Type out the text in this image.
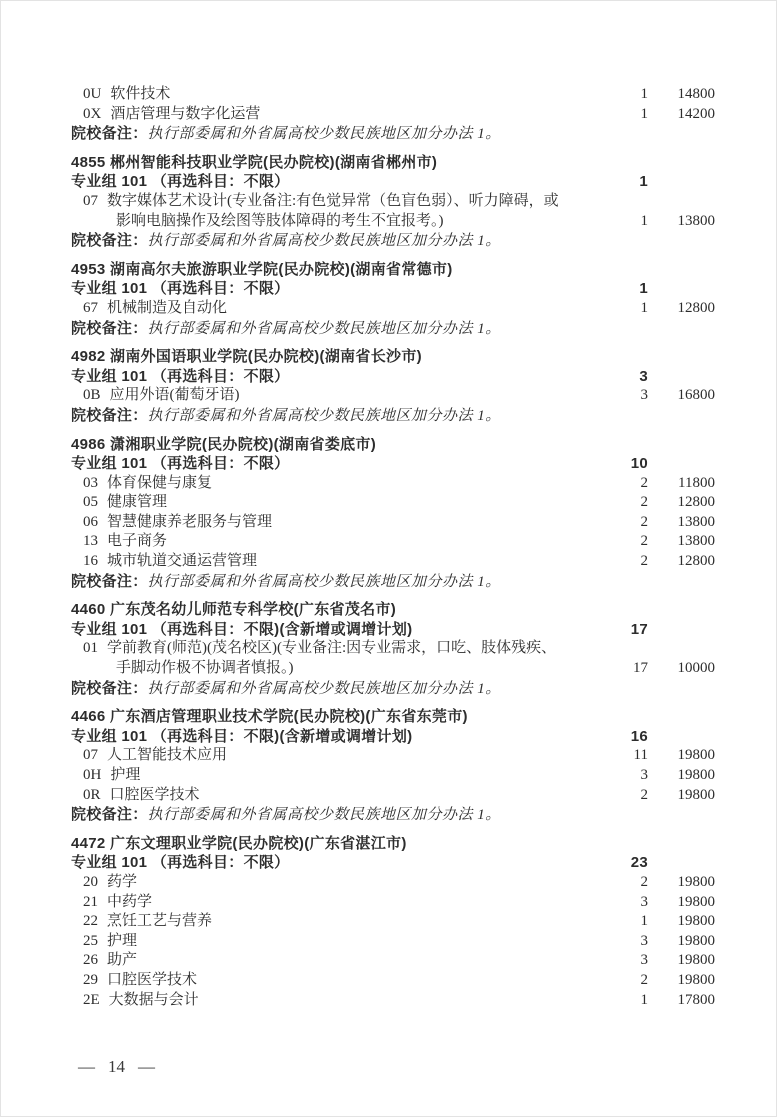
0U 软件技术	1	14800
0X 酒店管理与数字化运营	1	14200
院校备注：执行部委属和外省属高校少数民族地区加分办法 1。
4855 郴州智能科技职业学院(民办院校)(湖南省郴州市)
专业组 101 （再选科目：不限）	1
07 数字媒体艺术设计(专业备注:有色觉异常（色盲色弱）、听力障碍，或
影响电脑操作及绘图等肢体障碍的考生不宜报考。)	1	13800
院校备注：执行部委属和外省属高校少数民族地区加分办法 1。
4953 湖南高尔夫旅游职业学院(民办院校)(湖南省常德市)
专业组 101 （再选科目：不限）	1
67 机械制造及自动化	1	12800
院校备注：执行部委属和外省属高校少数民族地区加分办法 1。
4982 湖南外国语职业学院(民办院校)(湖南省长沙市)
专业组 101 （再选科目：不限）	3
0B 应用外语(葡萄牙语)	3	16800
院校备注：执行部委属和外省属高校少数民族地区加分办法 1。
4986 潇湘职业学院(民办院校)(湖南省娄底市)
专业组 101 （再选科目：不限）	10
03 体育保健与康复	2	11800
05 健康管理	2	12800
06 智慧健康养老服务与管理	2	13800
13 电子商务	2	13800
16 城市轨道交通运营管理	2	12800
院校备注：执行部委属和外省属高校少数民族地区加分办法 1。
4460 广东茂名幼儿师范专科学校(广东省茂名市)
专业组 101 （再选科目：不限)(含新增或调增计划)	17
01 学前教育(师范)(茂名校区)(专业备注:因专业需求，口吃、肢体残疾、
手脚动作极不协调者慎报。)	17	10000
院校备注：执行部委属和外省属高校少数民族地区加分办法 1。
4466 广东酒店管理职业技术学院(民办院校)(广东省东莞市)
专业组 101 （再选科目：不限)(含新增或调增计划)	16
07 人工智能技术应用	11	19800
0H 护理	3	19800
0R 口腔医学技术	2	19800
院校备注：执行部委属和外省属高校少数民族地区加分办法 1。
4472 广东文理职业学院(民办院校)(广东省湛江市)
专业组 101 （再选科目：不限）	23
20 药学	2	19800
21 中药学	3	19800
22 烹饪工艺与营养	1	19800
25 护理	3	19800
26 助产	3	19800
29 口腔医学技术	2	19800
2E 大数据与会计	1	17800
— 14 —
